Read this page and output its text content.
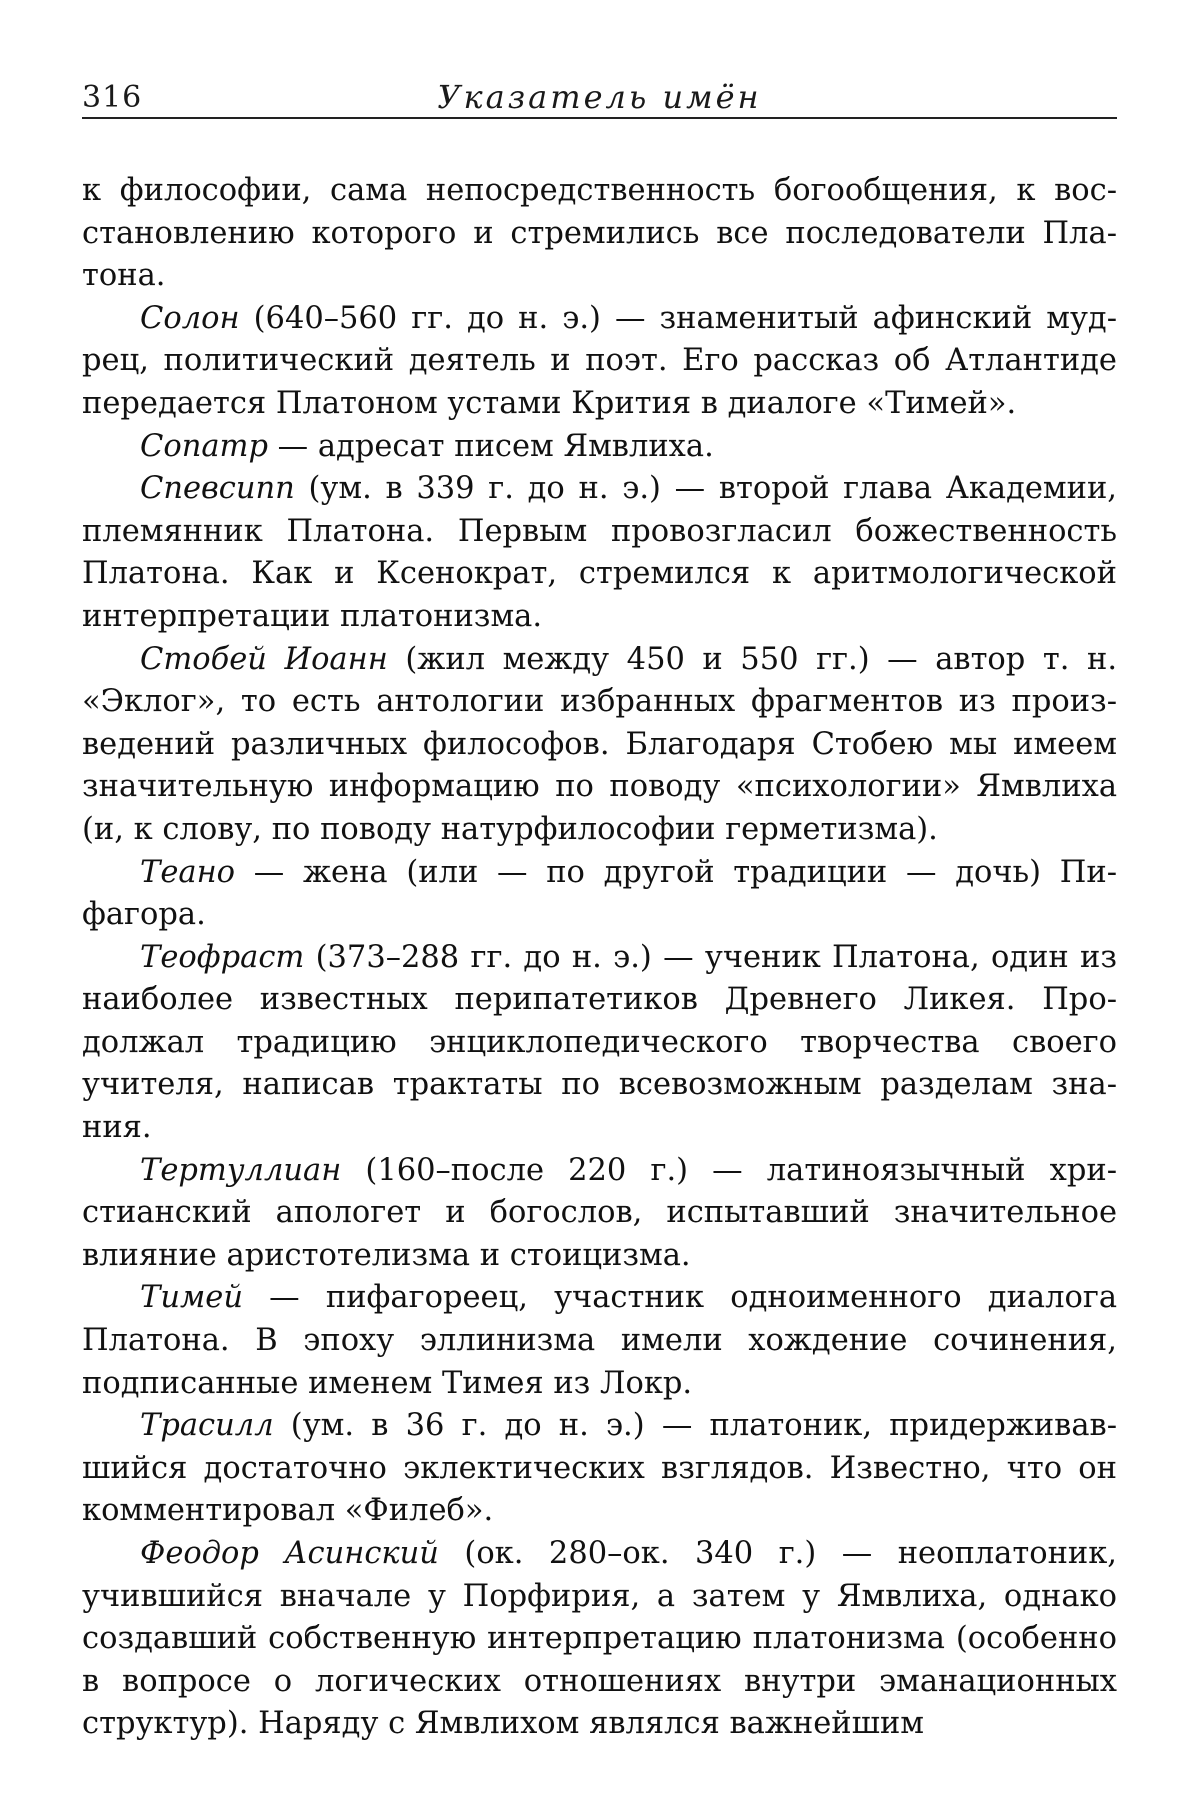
316	Указатель имён

к философии, сама непосредственность богообщения, к восстановлению которого и стремились все последователи Платона.

Солон (640–560 гг. до н. э.) — знаменитый афинский мудрец, политический деятель и поэт. Его рассказ об Атлантиде передается Платоном устами Крития в диалоге «Тимей».

Сопатр — адресат писем Ямвлиха.

Спевсипп (ум. в 339 г. до н. э.) — второй глава Академии, племянник Платона. Первым провозгласил божественность Платона. Как и Ксенократ, стремился к аритмологической интерпретации платонизма.

Стобей Иоанн (жил между 450 и 550 гг.) — автор т. н. «Эклог», то есть антологии избранных фрагментов из произведений различных философов. Благодаря Стобею мы имеем значительную информацию по поводу «психологии» Ямвлиха (и, к слову, по поводу натурфилософии герметизма).

Теано — жена (или — по другой традиции — дочь) Пифагора.

Теофраст (373–288 гг. до н. э.) — ученик Платона, один из наиболее известных перипатетиков Древнего Ликея. Продолжал традицию энциклопедического творчества своего учителя, написав трактаты по всевозможным разделам знания.

Тертуллиан (160–после 220 г.) — латиноязычный христианский апологет и богослов, испытавший значительное влияние аристотелизма и стоицизма.

Тимей — пифагореец, участник одноименного диалога Платона. В эпоху эллинизма имели хождение сочинения, подписанные именем Тимея из Локр.

Трасилл (ум. в 36 г. до н. э.) — платоник, придерживавшийся достаточно эклектических взглядов. Известно, что он комментировал «Филеб».

Феодор Асинский (ок. 280–ок. 340 г.) — неоплатоник, учившийся вначале у Порфирия, а затем у Ямвлиха, однако создавший собственную интерпретацию платонизма (особенно в вопросе о логических отношениях внутри эманационных структур). Наряду с Ямвлихом являлся важнейшим
